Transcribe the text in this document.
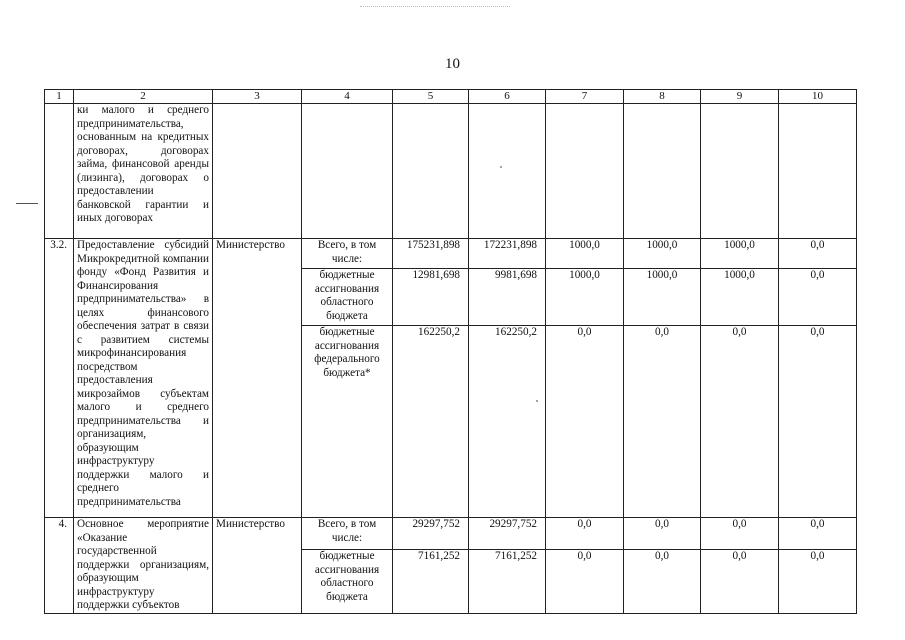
10
1	2	3	4	5	6	7	8	9	10
	ки малого и среднего предпринимательства, основанным на кредитных договорах, договорах займа, финансовой аренды (лизинга), договорах о предоставлении банковской гарантии и иных договорах								
3.2.	Предоставление субсидий Микрокредитной компании фонду «Фонд Развития и Финансирования предпринимательства» в целях финансового обеспечения затрат в связи с развитием системы микрофинансирования посредством предоставления микрозаймов субъектам малого и среднего предпринимательства и организациям, образующим инфраструктуру поддержки малого и среднего предпринимательства	Министерство	Всего, в том числе:	175231,898	172231,898	1000,0	1000,0	1000,0	0,0
			бюджетные ассигнования областного бюджета	12981,698	9981,698	1000,0	1000,0	1000,0	0,0
			бюджетные ассигнования федерального бюджета*	162250,2	162250,2	0,0	0,0	0,0	0,0
4.	Основное мероприятие «Оказание государственной поддержки организациям, образующим инфраструктуру поддержки субъектов	Министерство	Всего, в том числе:	29297,752	29297,752	0,0	0,0	0,0	0,0
			бюджетные ассигнования областного бюджета	7161,252	7161,252	0,0	0,0	0,0	0,0
